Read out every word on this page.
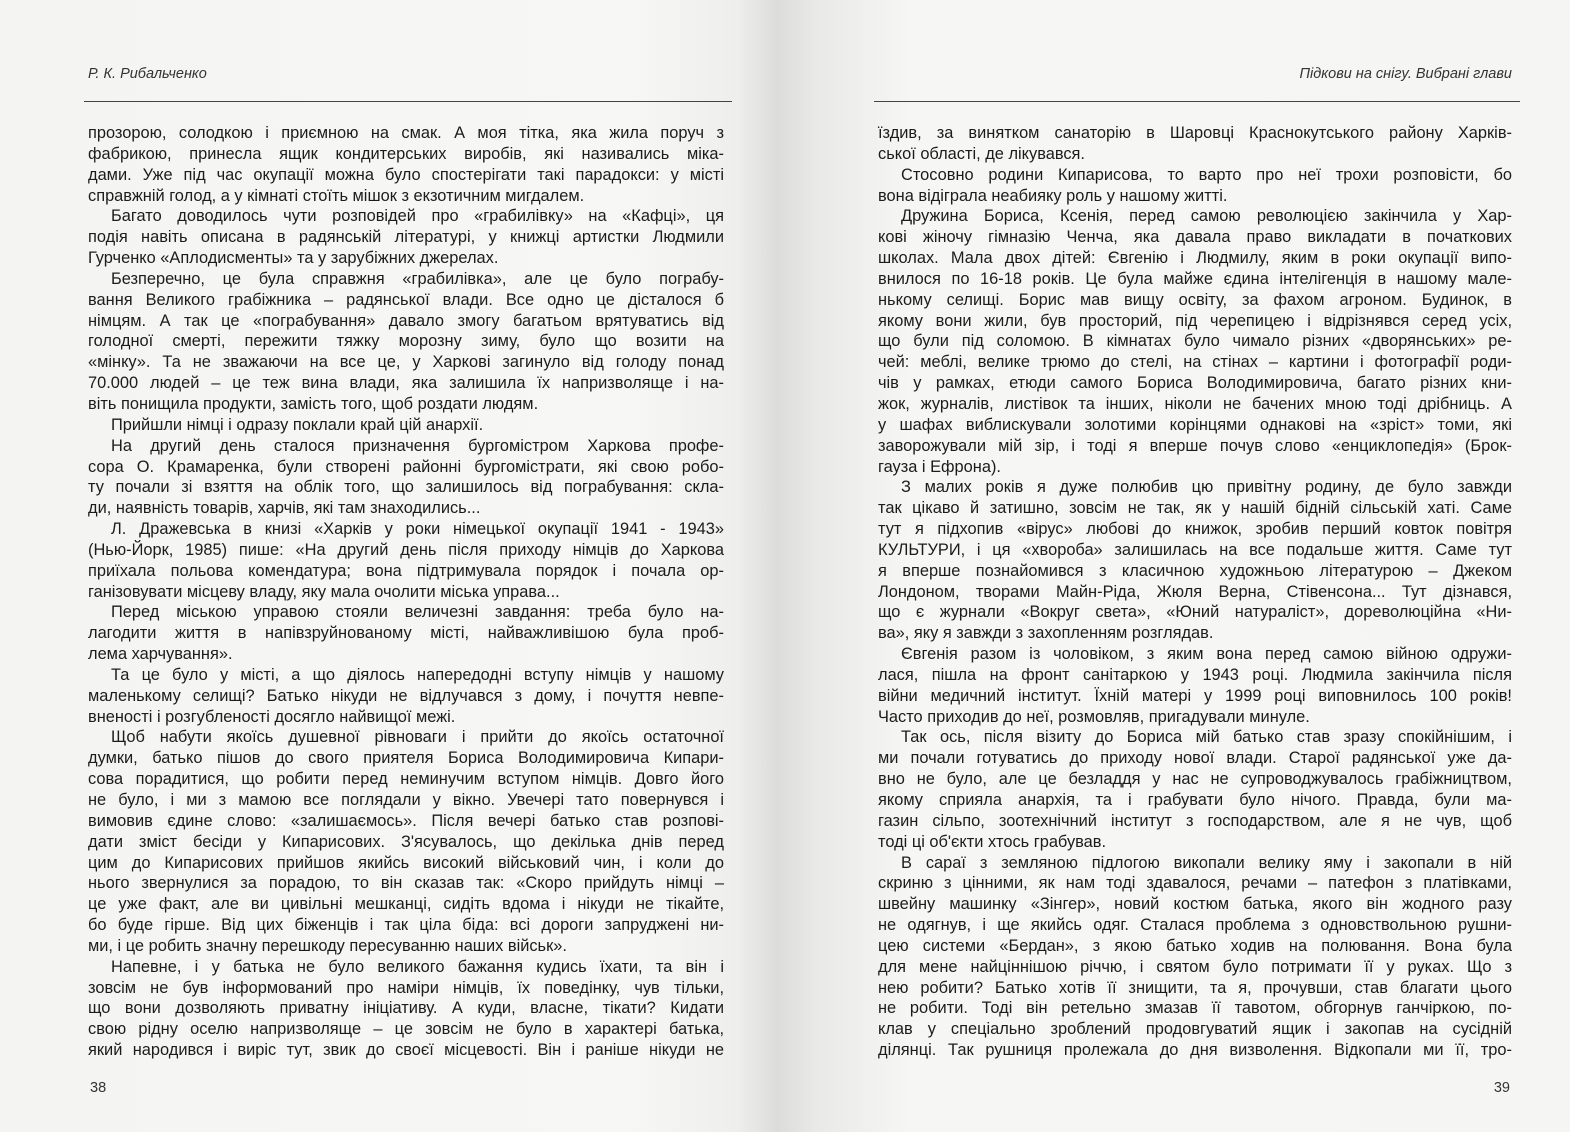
Р. К. Рибальченко
прозорою, солодкою і приємною на смак. А моя тітка, яка жила поруч з
фабрикою, принесла ящик кондитерських виробів, які називались міка-
дами. Уже під час окупації можна було спостерігати такі парадокси: у місті
справжній голод, а у кімнаті стоїть мішок з екзотичним мигдалем.
Багато доводилось чути розповідей про «грабилівку» на «Кафці», ця
подія навіть описана в радянській літературі, у книжці артистки Людмили
Гурченко «Аплодисменты» та у зарубіжних джерелах.
Безперечно, це була справжня «грабилівка», але це було пограбу-
вання Великого грабіжника – радянської влади. Все одно це дісталося б
німцям. А так це «пограбування» давало змогу багатьом врятуватись від
голодної смерті, пережити тяжку морозну зиму, було що возити на
«мінку». Та не зважаючи на все це, у Харкові загинуло від голоду понад
70.000 людей – це теж вина влади, яка залишила їх напризволяще і на-
віть понищила продукти, замість того, щоб роздати людям.
Прийшли німці і одразу поклали край цій анархії.
На другий день сталося призначення бургомістром Харкова профе-
сора О. Крамаренка, були створені районні бургомістрати, які свою робо-
ту почали зі взяття на облік того, що залишилось від пограбування: скла-
ди, наявність товарів, харчів, які там знаходились...
Л. Дражевська в книзі «Харків у роки німецької окупації 1941 - 1943»
(Нью-Йорк, 1985) пише: «На другий день після приходу німців до Харкова
приїхала польова комендатура; вона підтримувала порядок і почала ор-
ганізовувати місцеву владу, яку мала очолити міська управа...
Перед міською управою стояли величезні завдання: треба було на-
лагодити життя в напівзруйнованому місті, найважливішою була проб-
лема харчування».
Та це було у місті, а що діялось напередодні вступу німців у нашому
маленькому селищі? Батько нікуди не відлучався з дому, і почуття невпе-
вненості і розгубленості досягло найвищої межі.
Щоб набути якоїсь душевної рівноваги і прийти до якоїсь остаточної
думки, батько пішов до свого приятеля Бориса Володимировича Кипари-
сова порадитися, що робити перед неминучим вступом німців. Довго його
не було, і ми з мамою все поглядали у вікно. Увечері тато повернувся і
вимовив єдине слово: «залишаємось». Після вечері батько став розпові-
дати зміст бесіди у Кипарисових. З'ясувалось, що декілька днів перед
цим до Кипарисових прийшов якийсь високий військовий чин, і коли до
нього звернулися за порадою, то він сказав так: «Скоро прийдуть німці –
це уже факт, але ви цивільні мешканці, сидіть вдома і нікуди не тікайте,
бо буде гірше. Від цих біженців і так ціла біда: всі дороги запруджені ни-
ми, і це робить значну перешкоду пересуванню наших військ».
Напевне, і у батька не було великого бажання кудись їхати, та він і
зовсім не був інформований про наміри німців, їх поведінку, чув тільки,
що вони дозволяють приватну ініціативу. А куди, власне, тікати? Кидати
свою рідну оселю напризволяще – це зовсім не було в характері батька,
який народився і виріс тут, звик до своєї місцевості. Він і раніше нікуди не
38
Підкови на снігу. Вибрані глави
їздив, за винятком санаторію в Шаровці Краснокутського району Харків-
ської області, де лікувався.
Стосовно родини Кипарисова, то варто про неї трохи розповісти, бо
вона відіграла неабияку роль у нашому житті.
Дружина Бориса, Ксенія, перед самою революцією закінчила у Хар-
кові жіночу гімназію Ченча, яка давала право викладати в початкових
школах. Мала двох дітей: Євгенію і Людмилу, яким в роки окупації випо-
внилося по 16-18 років. Це була майже єдина інтелігенція в нашому мале-
нькому селищі. Борис мав вищу освіту, за фахом агроном. Будинок, в
якому вони жили, був просторий, під черепицею і відрізнявся серед усіх,
що були під соломою. В кімнатах було чимало різних «дворянських» ре-
чей: меблі, велике трюмо до стелі, на стінах – картини і фотографії роди-
чів у рамках, етюди самого Бориса Володимировича, багато різних кни-
жок, журналів, листівок та інших, ніколи не бачених мною тоді дрібниць. А
у шафах виблискували золотими корінцями однакові на «зріст» томи, які
заворожували мій зір, і тоді я вперше почув слово «енциклопедія» (Брок-
гауза і Ефрона).
З малих років я дуже полюбив цю привітну родину, де було завжди
так цікаво й затишно, зовсім не так, як у нашій бідній сільській хаті. Саме
тут я підхопив «вірус» любові до книжок, зробив перший ковток повітря
КУЛЬТУРИ, і ця «хвороба» залишилась на все подальше життя. Саме тут
я вперше познайомився з класичною художньою літературою – Джеком
Лондоном, творами Майн-Ріда, Жюля Верна, Стівенсона... Тут дізнався,
що є журнали «Вокруг света», «Юний натураліст», дореволюційна «Ни-
ва», яку я завжди з захопленням розглядав.
Євгенія разом із чоловіком, з яким вона перед самою війною одружи-
лася, пішла на фронт санітаркою у 1943 році. Людмила закінчила після
війни медичний інститут. Їхній матері у 1999 році виповнилось 100 років!
Часто приходив до неї, розмовляв, пригадували минуле.
Так ось, після візиту до Бориса мій батько став зразу спокійнішим, і
ми почали готуватись до приходу нової влади. Старої радянської уже да-
вно не було, але це безладдя у нас не супроводжувалось грабіжництвом,
якому сприяла анархія, та і грабувати було нічого. Правда, були ма-
газин сільпо, зоотехнічний інститут з господарством, але я не чув, щоб
тоді ці об'єкти хтось грабував.
В сараї з земляною підлогою викопали велику яму і закопали в ній
скриню з цінними, як нам тоді здавалося, речами – патефон з платівками,
швейну машинку «Зінгер», новий костюм батька, якого він жодного разу
не одягнув, і ще якийсь одяг. Сталася проблема з одновствольною рушни-
цею системи «Бердан», з якою батько ходив на полювання. Вона була
для мене найціннішою річчю, і святом було потримати її у руках. Що з
нею робити? Батько хотів її знищити, та я, прочувши, став благати цього
не робити. Тоді він ретельно змазав її тавотом, обгорнув ганчіркою, по-
клав у спеціально зроблений продовгуватий ящик і закопав на сусідній
ділянці. Так рушниця пролежала до дня визволення. Відкопали ми її, тро-
39
